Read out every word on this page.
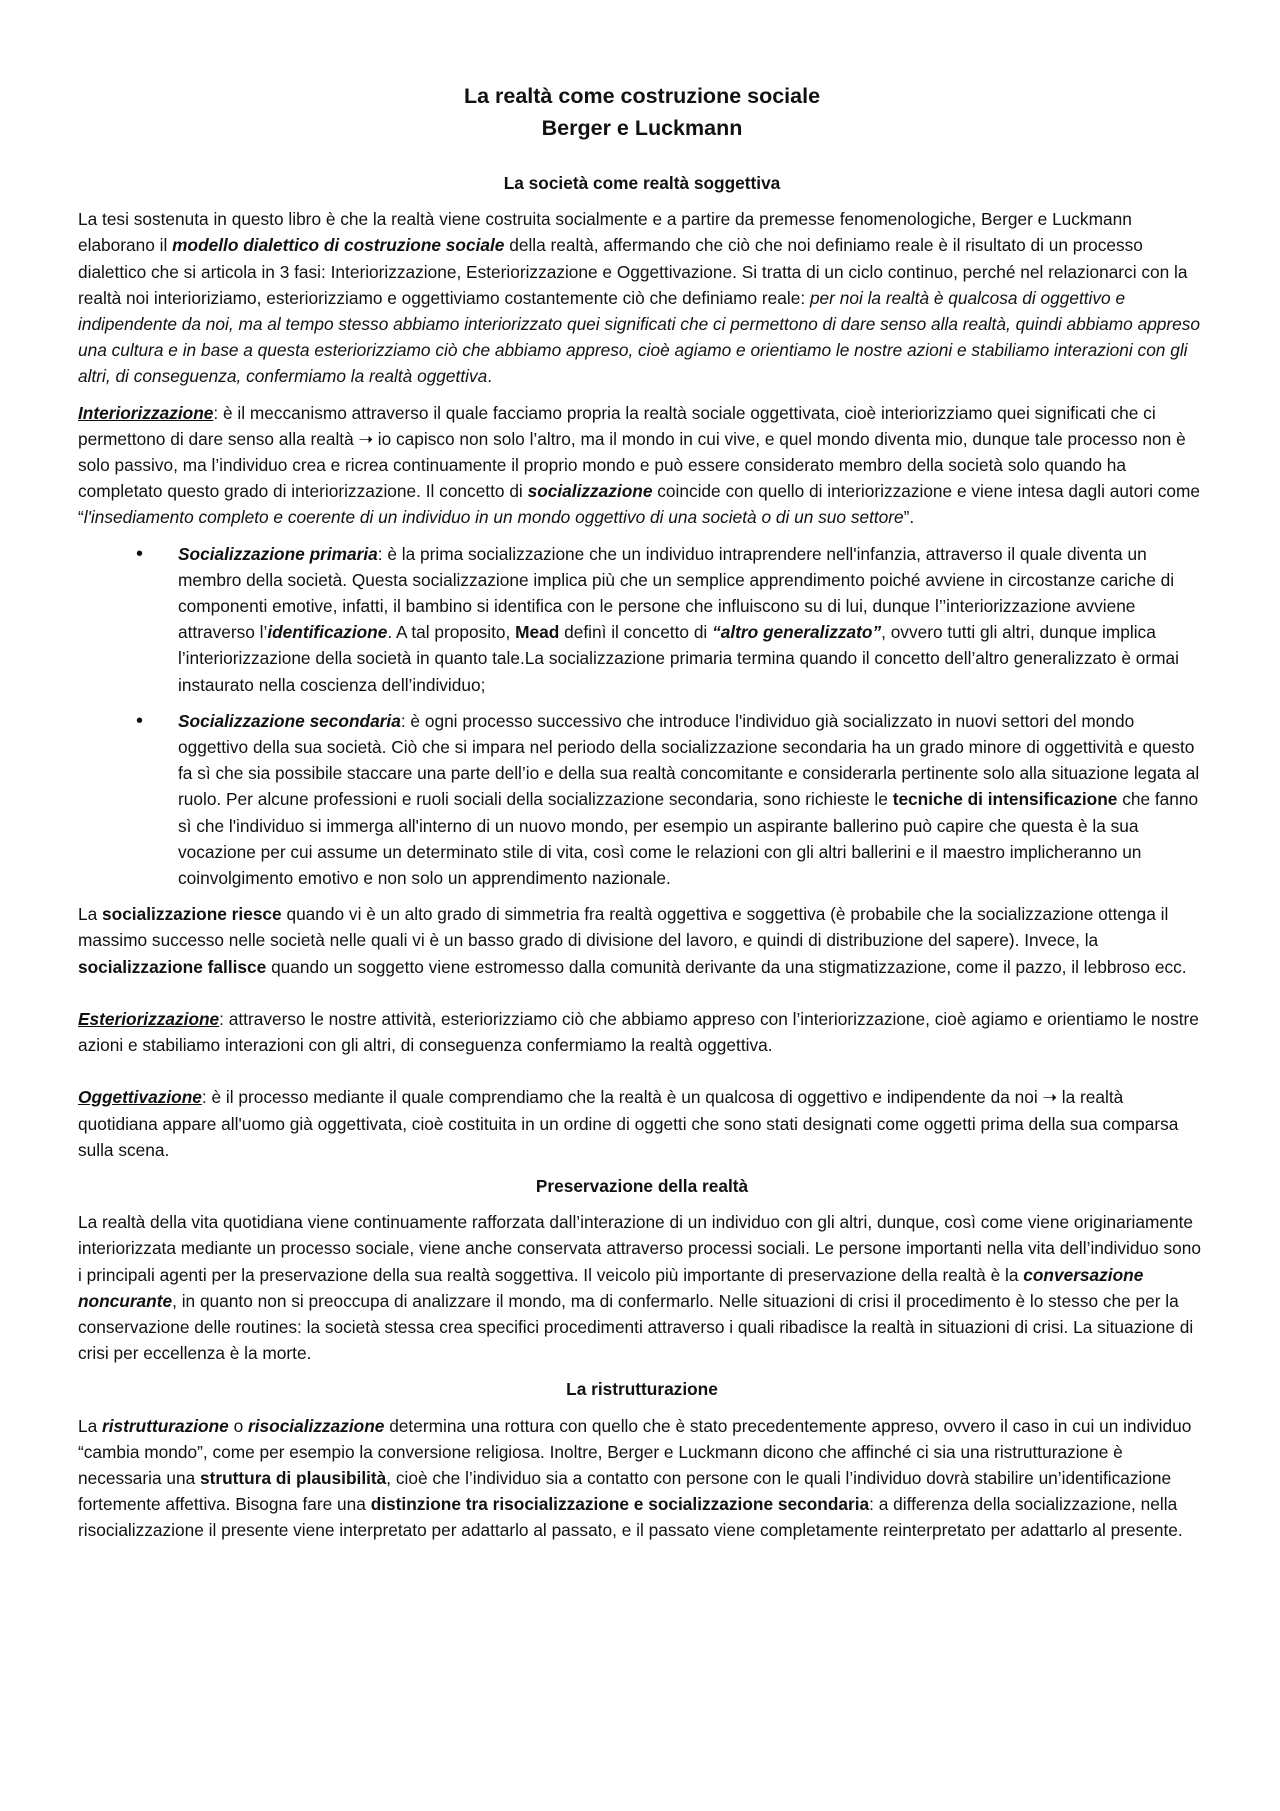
La realtà come costruzione sociale
Berger e Luckmann
La società come realtà soggettiva

La tesi sostenuta in questo libro è che la realtà viene costruita socialmente e a partire da premesse fenomenologiche, Berger e Luckmann elaborano il modello dialettico di costruzione sociale della realtà, affermando che ciò che noi definiamo reale è il risultato di un processo dialettico che si articola in 3 fasi: Interiorizzazione, Esteriorizzazione e Oggettivazione. Si tratta di un ciclo continuo, perché nel relazionarci con la realtà noi interioriziamo, esteriorizziamo e oggettiviamo costantemente ciò che definiamo reale: per noi la realtà è qualcosa di oggettivo e indipendente da noi, ma al tempo stesso abbiamo interiorizzato quei significati che ci permettono di dare senso alla realtà, quindi abbiamo appreso una cultura e in base a questa esteriorizziamo ciò che abbiamo appreso, cioè agiamo e orientiamo le nostre azioni e stabiliamo interazioni con gli altri, di conseguenza, confermiamo la realtà oggettiva.

Interiorizzazione: è il meccanismo attraverso il quale facciamo propria la realtà sociale oggettivata, cioè interiorizziamo quei significati che ci permettono di dare senso alla realtà ➝ io capisco non solo l’altro, ma il mondo in cui vive, e quel mondo diventa mio, dunque tale processo non è solo passivo, ma l’individuo crea e ricrea continuamente il proprio mondo e può essere considerato membro della società solo quando ha completato questo grado di interiorizzazione. Il concetto di socializzazione coincide con quello di interiorizzazione e viene intesa dagli autori come “l'insediamento completo e coerente di un individuo in un mondo oggettivo di una società o di un suo settore”.

• Socializzazione primaria: è la prima socializzazione che un individuo intraprendere nell'infanzia, attraverso il quale diventa un membro della società. Questa socializzazione implica più che un semplice apprendimento poiché avviene in circostanze cariche di componenti emotive, infatti, il bambino si identifica con le persone che influiscono su di lui, dunque l’’interiorizzazione avviene attraverso l’identificazione. A tal proposito, Mead definì il concetto di “altro generalizzato”, ovvero tutti gli altri, dunque implica l’interiorizzazione della società in quanto tale.La socializzazione primaria termina quando il concetto dell’altro generalizzato è ormai instaurato nella coscienza dell’individuo;
• Socializzazione secondaria: è ogni processo successivo che introduce l'individuo già socializzato in nuovi settori del mondo oggettivo della sua società. Ciò che si impara nel periodo della socializzazione secondaria ha un grado minore di oggettività e questo fa sì che sia possibile staccare una parte dell’io e della sua realtà concomitante e considerarla pertinente solo alla situazione legata al ruolo. Per alcune professioni e ruoli sociali della socializzazione secondaria, sono richieste le tecniche di intensificazione che fanno sì che l'individuo si immerga all'interno di un nuovo mondo, per esempio un aspirante ballerino può capire che questa è la sua vocazione per cui assume un determinato stile di vita, così come le relazioni con gli altri ballerini e il maestro implicheranno un coinvolgimento emotivo e non solo un apprendimento nazionale.

La socializzazione riesce quando vi è un alto grado di simmetria fra realtà oggettiva e soggettiva (è probabile che la socializzazione ottenga il massimo successo nelle società nelle quali vi è un basso grado di divisione del lavoro, e quindi di distribuzione del sapere). Invece, la socializzazione fallisce quando un soggetto viene estromesso dalla comunità derivante da una stigmatizzazione, come il pazzo, il lebbroso ecc.

Esteriorizzazione: attraverso le nostre attività, esteriorizziamo ciò che abbiamo appreso con l’interiorizzazione, cioè agiamo e orientiamo le nostre azioni e stabiliamo interazioni con gli altri, di conseguenza confermiamo la realtà oggettiva.

Oggettivazione: è il processo mediante il quale comprendiamo che la realtà è un qualcosa di oggettivo e indipendente da noi ➝ la realtà quotidiana appare all'uomo già oggettivata, cioè costituita in un ordine di oggetti che sono stati designati come oggetti prima della sua comparsa sulla scena.

Preservazione della realtà

La realtà della vita quotidiana viene continuamente rafforzata dall’interazione di un individuo con gli altri, dunque, così come viene originariamente interiorizzata mediante un processo sociale, viene anche conservata attraverso processi sociali. Le persone importanti nella vita dell’individuo sono i principali agenti per la preservazione della sua realtà soggettiva. Il veicolo più importante di preservazione della realtà è la conversazione noncurante, in quanto non si preoccupa di analizzare il mondo, ma di confermarlo. Nelle situazioni di crisi il procedimento è lo stesso che per la conservazione delle routines: la società stessa crea specifici procedimenti attraverso i quali ribadisce la realtà in situazioni di crisi. La situazione di crisi per eccellenza è la morte.

La ristrutturazione

La ristrutturazione o risocializzazione determina una rottura con quello che è stato precedentemente appreso, ovvero il caso in cui un individuo “cambia mondo”, come per esempio la conversione religiosa. Inoltre, Berger e Luckmann dicono che affinché ci sia una ristrutturazione è necessaria una struttura di plausibilità, cioè che l’individuo sia a contatto con persone con le quali l’individuo dovrà stabilire un’identificazione fortemente affettiva. Bisogna fare una distinzione tra risocializzazione e socializzazione secondaria: a differenza della socializzazione, nella risocializzazione il presente viene interpretato per adattarlo al passato, e il passato viene completamente reinterpretato per adattarlo al presente.
